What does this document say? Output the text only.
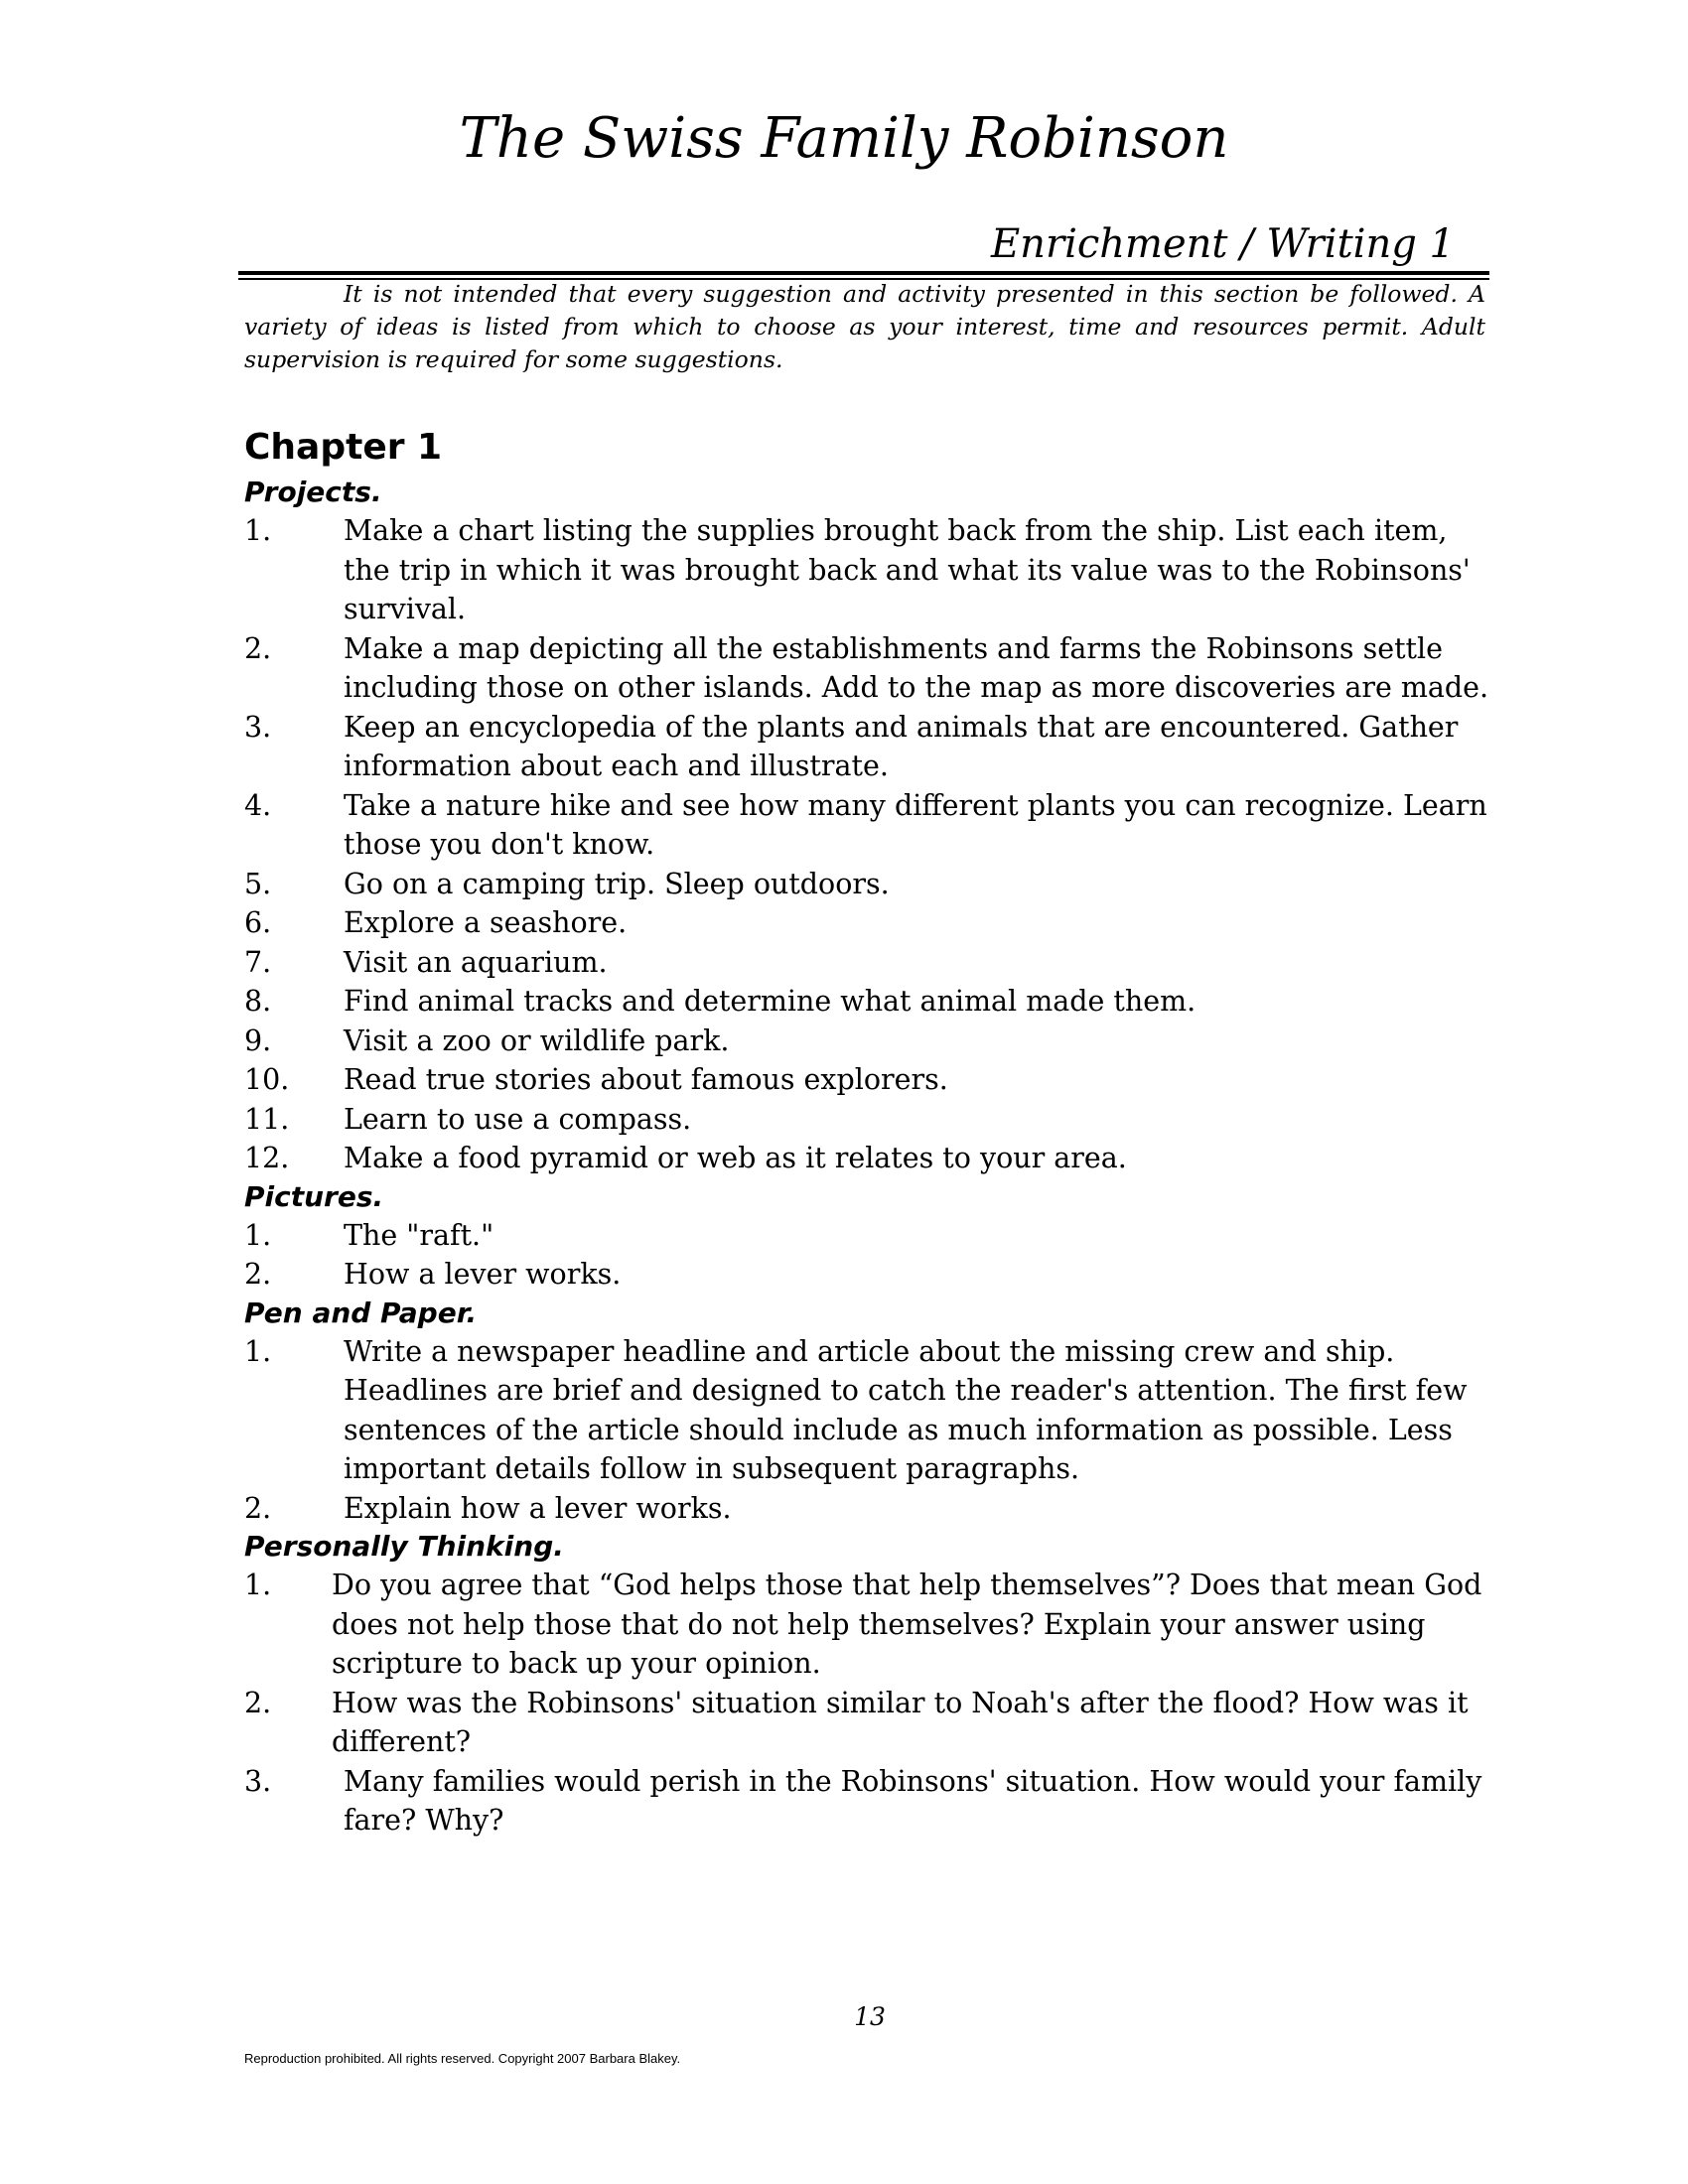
The Swiss Family Robinson
Enrichment / Writing 1
It is not intended that every suggestion and activity presented in this section be followed. A variety of ideas is listed from which to choose as your interest, time and resources permit. Adult supervision is required for some suggestions.
Chapter 1
Projects.
1.	Make a chart listing the supplies brought back from the ship. List each item, the trip in which it was brought back and what its value was to the Robinsons' survival.
2.	Make a map depicting all the establishments and farms the Robinsons settle including those on other islands. Add to the map as more discoveries are made.
3.	Keep an encyclopedia of the plants and animals that are encountered. Gather information about each and illustrate.
4.	Take a nature hike and see how many different plants you can recognize. Learn those you don't know.
5.	Go on a camping trip. Sleep outdoors.
6.	Explore a seashore.
7.	Visit an aquarium.
8.	Find animal tracks and determine what animal made them.
9.	Visit a zoo or wildlife park.
10.	Read true stories about famous explorers.
11.	Learn to use a compass.
12.	Make a food pyramid or web as it relates to your area.
Pictures.
1.	The "raft."
2.	How a lever works.
Pen and Paper.
1.	Write a newspaper headline and article about the missing crew and ship. Headlines are brief and designed to catch the reader's attention. The first few sentences of the article should include as much information as possible. Less important details follow in subsequent paragraphs.
2.	Explain how a lever works.
Personally Thinking.
1.	Do you agree that “God helps those that help themselves”? Does that mean God does not help those that do not help themselves? Explain your answer using scripture to back up your opinion.
2.	How was the Robinsons' situation similar to Noah's after the flood? How was it different?
3.	Many families would perish in the Robinsons' situation. How would your family fare? Why?
13
Reproduction prohibited. All rights reserved. Copyright 2007 Barbara Blakey.
